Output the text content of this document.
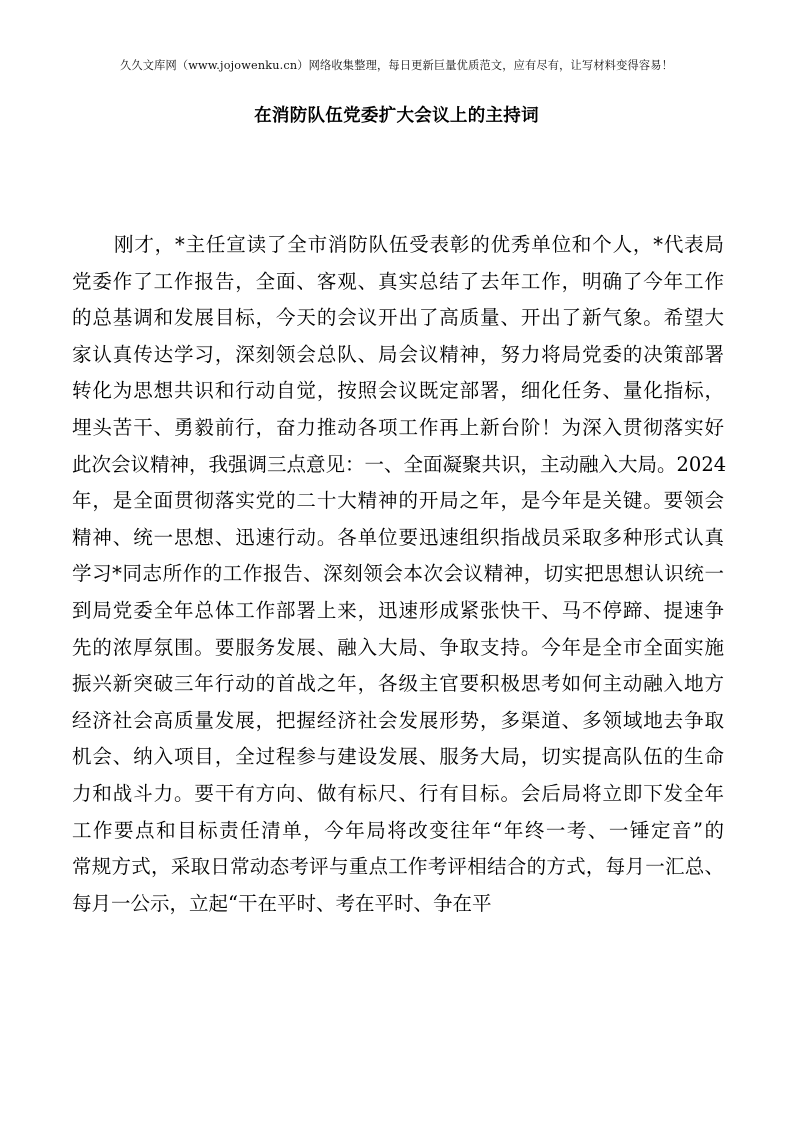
久久文库网（www.jojowenku.cn）网络收集整理，每日更新巨量优质范文，应有尽有，让写材料变得容易！
在消防队伍党委扩大会议上的主持词
刚才，*主任宣读了全市消防队伍受表彰的优秀单位和个人，*代表局
党委作了工作报告，全面、客观、真实总结了去年工作，明确了今年工作
的总基调和发展目标，今天的会议开出了高质量、开出了新气象。希望大
家认真传达学习，深刻领会总队、局会议精神，努力将局党委的决策部署
转化为思想共识和行动自觉，按照会议既定部署，细化任务、量化指标，
埋头苦干、勇毅前行，奋力推动各项工作再上新台阶！为深入贯彻落实好
此次会议精神，我强调三点意见：一、全面凝聚共识，主动融入大局。2024
年，是全面贯彻落实党的二十大精神的开局之年，是今年是关键。要领会
精神、统一思想、迅速行动。各单位要迅速组织指战员采取多种形式认真
学习*同志所作的工作报告、深刻领会本次会议精神，切实把思想认识统一
到局党委全年总体工作部署上来，迅速形成紧张快干、马不停蹄、提速争
先的浓厚氛围。要服务发展、融入大局、争取支持。今年是全市全面实施
振兴新突破三年行动的首战之年，各级主官要积极思考如何主动融入地方
经济社会高质量发展，把握经济社会发展形势，多渠道、多领域地去争取
机会、纳入项目，全过程参与建设发展、服务大局，切实提高队伍的生命
力和战斗力。要干有方向、做有标尺、行有目标。会后局将立即下发全年
工作要点和目标责任清单，今年局将改变往年“年终一考、一锤定音”的
常规方式，采取日常动态考评与重点工作考评相结合的方式，每月一汇总、
每月一公示，立起“干在平时、考在平时、争在平
